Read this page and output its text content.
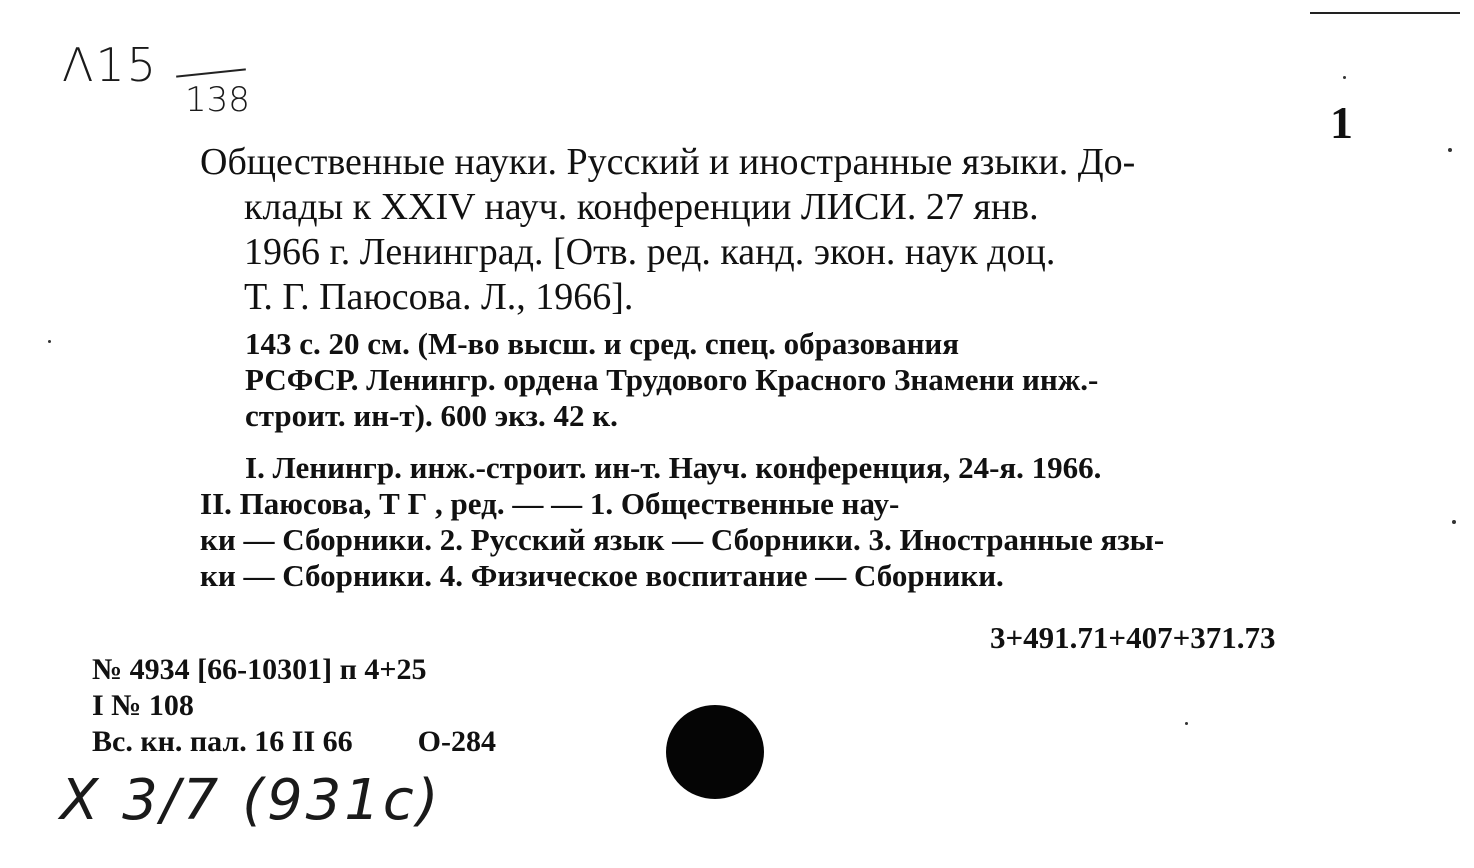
Λ15
138	1
Общественные науки. Русский и иностранные языки. До-
клады к XXIV науч. конференции ЛИСИ. 27 янв.
1966 г. Ленинград. [Отв. ред. канд. экон. наук доц.
Т. Г. Паюсова. Л., 1966].
143 с. 20 см. (М-во высш. и сред. спец. образования
РСФСР. Ленингр. ордена Трудового Красного Знамени инж.-
строит. ин-т). 600 экз. 42 к.
I. Ленингр. инж.-строит. ин-т. Науч. конференция, 24-я. 1966.
II. Паюсова, Т Г , ред. — — 1. Общественные нау-
ки — Сборники. 2. Русский язык — Сборники. 3. Иностранные язы-
ки — Сборники. 4. Физическое воспитание — Сборники.
3+491.71+407+371.73
№ 4934 [66-10301] п 4+25
I № 108
Вс. кн. пал. 16 II 66 О-284
Х 3/7 (931с)
